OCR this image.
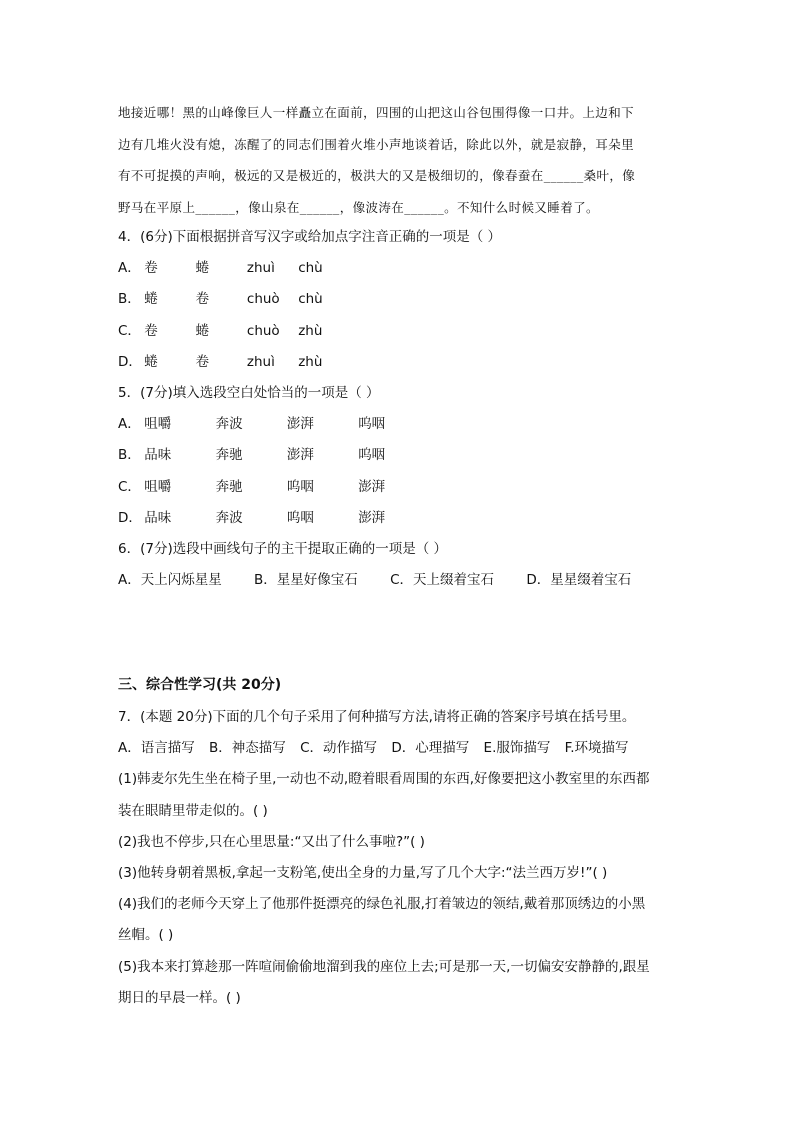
地接近哪！黑的山峰像巨人一样矗立在面前，四围的山把这山谷包围得像一口井。上边和下

边有几堆火没有熄，冻醒了的同志们围着火堆小声地谈着话，除此以外，就是寂静，耳朵里

有不可捉摸的声响，极远的又是极近的，极洪大的又是极细切的，像春蚕在______桑叶，像

野马在平原上______，像山泉在______，像波涛在______。不知什么时候又睡着了。

4．(6分)下面根据拼音写汉字或给加点字注音正确的一项是（ ）

A． 卷	蜷	zhuì chù

B． 蜷	卷	chuò chù

C． 卷	蜷	chuò zhù

D． 蜷	卷	zhuì zhù

5．(7分)填入选段空白处恰当的一项是（ ）

A． 咀嚼	奔波	澎湃	呜咽

B． 品味	奔驰	澎湃	呜咽

C． 咀嚼	奔驰	呜咽	澎湃

D． 品味	奔波	呜咽	澎湃

6．(7分)选段中画线句子的主干提取正确的一项是（ ）

A．天上闪烁星星 B．星星好像宝石 C．天上缀着宝石 D．星星缀着宝石

三、综合性学习(共 20分)

7．(本题 20分)下面的几个句子采用了何种描写方法,请将正确的答案序号填在括号里。

A．语言描写 B．神态描写 C．动作描写 D．心理描写 E.服饰描写 F.环境描写

(1)韩麦尔先生坐在椅子里,一动也不动,瞪着眼看周围的东西,好像要把这小教室里的东西都

装在眼睛里带走似的。( )

(2)我也不停步,只在心里思量:“又出了什么事啦?”( )

(3)他转身朝着黑板,拿起一支粉笔,使出全身的力量,写了几个大字:“法兰西万岁!”( )

(4)我们的老师今天穿上了他那件挺漂亮的绿色礼服,打着皱边的领结,戴着那顶绣边的小黑

丝帽。( )

(5)我本来打算趁那一阵喧闹偷偷地溜到我的座位上去;可是那一天,一切偏安安静静的,跟星

期日的早晨一样。( )
